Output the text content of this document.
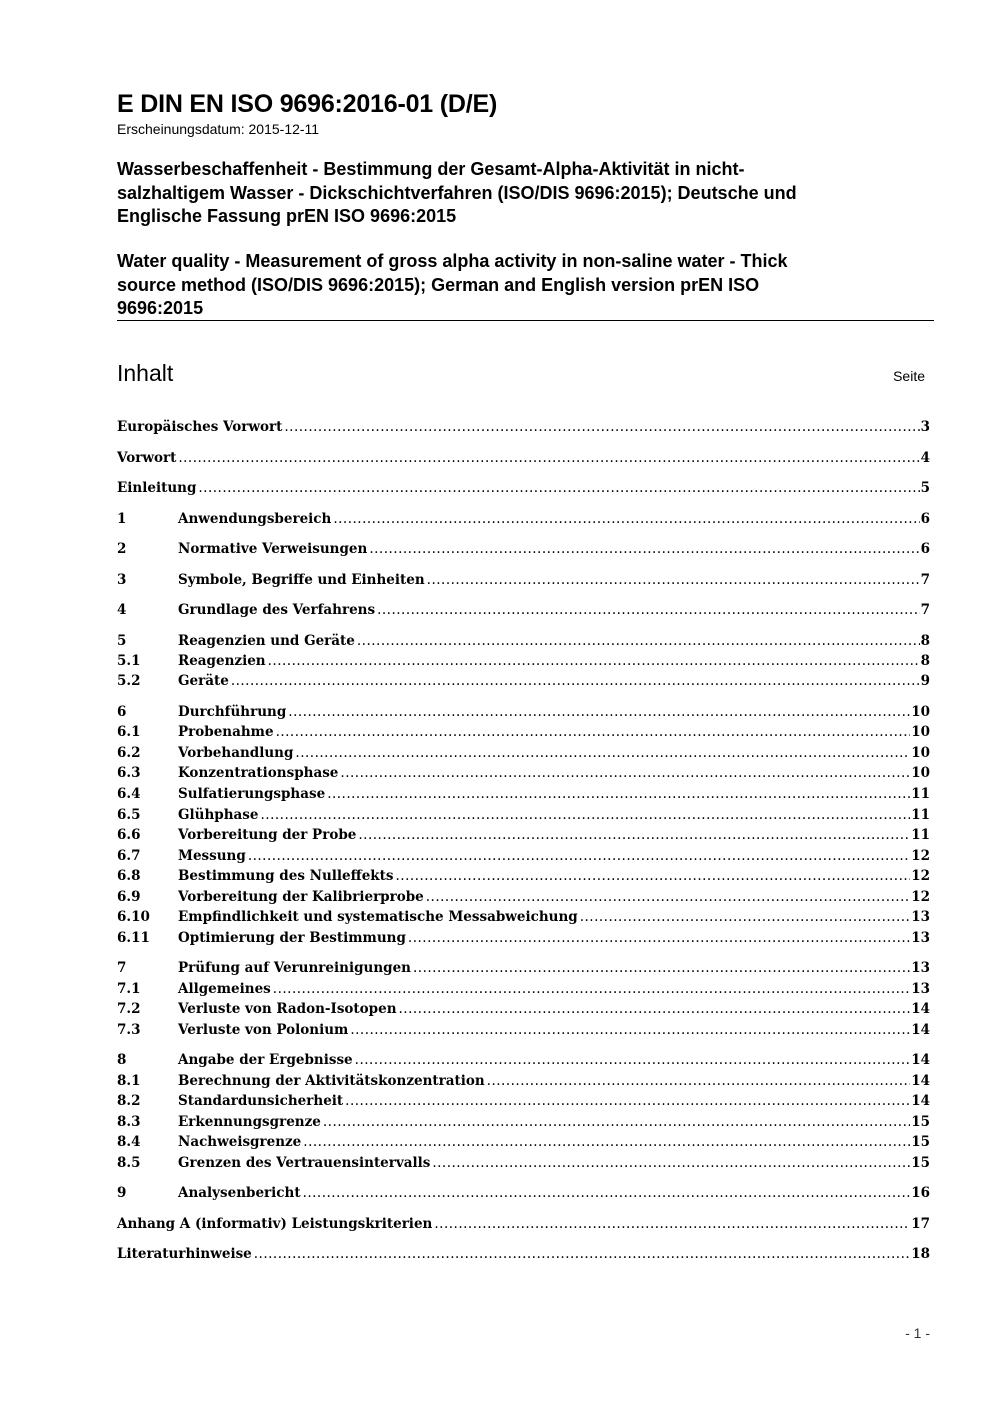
E DIN EN ISO 9696:2016-01 (D/E)
Erscheinungsdatum: 2015-12-11
Wasserbeschaffenheit - Bestimmung der Gesamt-Alpha-Aktivität in nicht-
salzhaltigem Wasser - Dickschichtverfahren (ISO/DIS 9696:2015); Deutsche und
Englische Fassung prEN ISO 9696:2015
Water quality - Measurement of gross alpha activity in non-saline water - Thick
source method (ISO/DIS 9696:2015); German and English version prEN ISO
9696:2015
Inhalt	Seite
Europäisches Vorwort .....	3
Vorwort .....	4
Einleitung .....	5
1	Anwendungsbereich .....	6
2	Normative Verweisungen .....	6
3	Symbole, Begriffe und Einheiten .....	7
4	Grundlage des Verfahrens .....	7
5	Reagenzien und Geräte .....	8
5.1	Reagenzien .....	8
5.2	Geräte .....	9
6	Durchführung .....	10
6.1	Probenahme .....	10
6.2	Vorbehandlung .....	10
6.3	Konzentrationsphase .....	10
6.4	Sulfatierungsphase .....	11
6.5	Glühphase .....	11
6.6	Vorbereitung der Probe .....	11
6.7	Messung .....	12
6.8	Bestimmung des Nulleffekts .....	12
6.9	Vorbereitung der Kalibrierprobe .....	12
6.10	Empfindlichkeit und systematische Messabweichung .....	13
6.11	Optimierung der Bestimmung .....	13
7	Prüfung auf Verunreinigungen .....	13
7.1	Allgemeines .....	13
7.2	Verluste von Radon-Isotopen .....	14
7.3	Verluste von Polonium .....	14
8	Angabe der Ergebnisse .....	14
8.1	Berechnung der Aktivitätskonzentration .....	14
8.2	Standardunsicherheit .....	14
8.3	Erkennungsgrenze .....	15
8.4	Nachweisgrenze .....	15
8.5	Grenzen des Vertrauensintervalls .....	15
9	Analysenbericht .....	16
Anhang A (informativ) Leistungskriterien .....	17
Literaturhinweise .....	18
- 1 -
